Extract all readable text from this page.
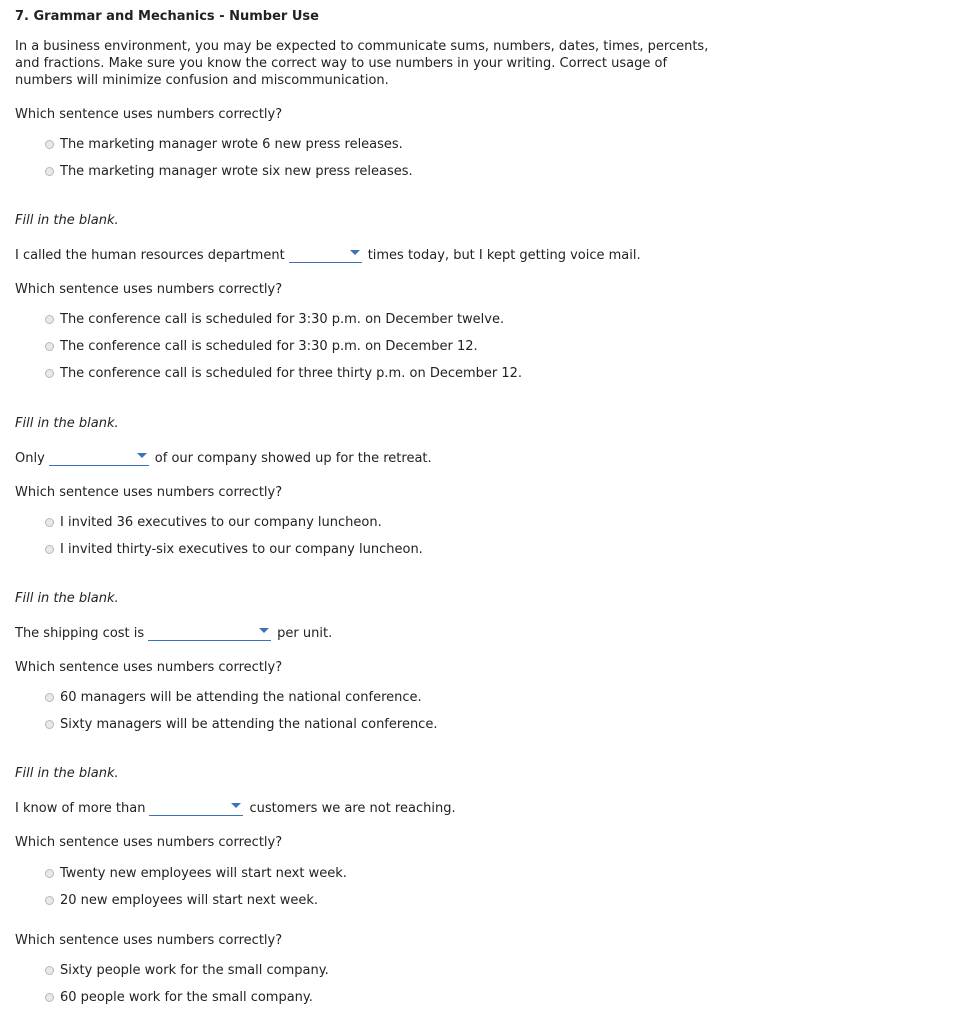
7. Grammar and Mechanics - Number Use
In a business environment, you may be expected to communicate sums, numbers, dates, times, percents, and fractions. Make sure you know the correct way to use numbers in your writing. Correct usage of numbers will minimize confusion and miscommunication.
Which sentence uses numbers correctly?
The marketing manager wrote 6 new press releases.
The marketing manager wrote six new press releases.
Fill in the blank.
I called the human resources department	times today, but I kept getting voice mail.
Which sentence uses numbers correctly?
The conference call is scheduled for 3:30 p.m. on December twelve.
The conference call is scheduled for 3:30 p.m. on December 12.
The conference call is scheduled for three thirty p.m. on December 12.
Fill in the blank.
Only	of our company showed up for the retreat.
Which sentence uses numbers correctly?
I invited 36 executives to our company luncheon.
I invited thirty-six executives to our company luncheon.
Fill in the blank.
The shipping cost is	per unit.
Which sentence uses numbers correctly?
60 managers will be attending the national conference.
Sixty managers will be attending the national conference.
Fill in the blank.
I know of more than	customers we are not reaching.
Which sentence uses numbers correctly?
Twenty new employees will start next week.
20 new employees will start next week.
Which sentence uses numbers correctly?
Sixty people work for the small company.
60 people work for the small company.
